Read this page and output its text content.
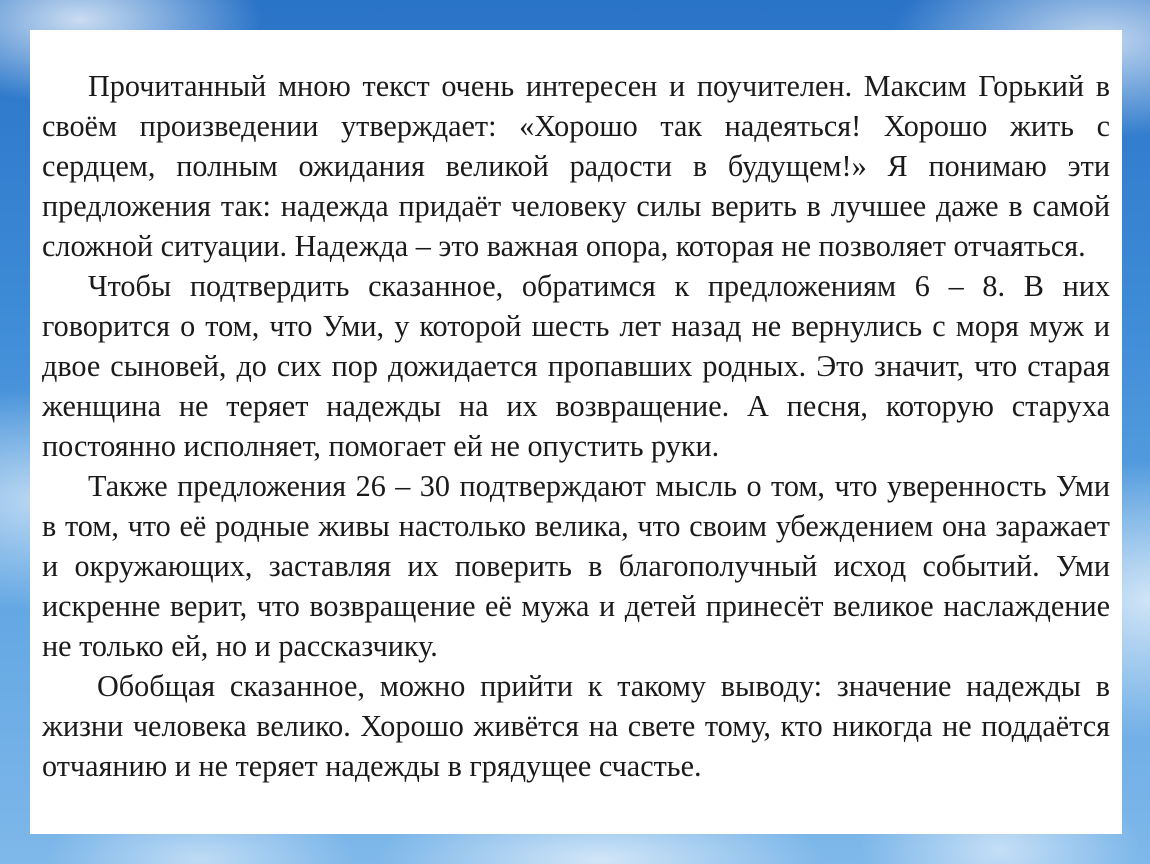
Прочитанный мною текст очень интересен и поучителен. Максим Горький в своём произведении утверждает: «Хорошо так надеяться! Хорошо жить с сердцем, полным ожидания великой радости в будущем!» Я понимаю эти предложения так: надежда придаёт человеку силы верить в лучшее даже в самой сложной ситуации. Надежда – это важная опора, которая не позволяет отчаяться.

Чтобы подтвердить сказанное, обратимся к предложениям 6 – 8. В них говорится о том, что Уми, у которой шесть лет назад не вернулись с моря муж и двое сыновей, до сих пор дожидается пропавших родных. Это значит, что старая женщина не теряет надежды на их возвращение. А песня, которую старуха постоянно исполняет, помогает ей не опустить руки.

Также предложения 26 – 30 подтверждают мысль о том, что уверенность Уми в том, что её родные живы настолько велика, что своим убеждением она заражает и окружающих, заставляя их поверить в благополучный исход событий. Уми искренне верит, что возвращение её мужа и детей принесёт великое наслаждение не только ей, но и рассказчику.

Обобщая сказанное, можно прийти к такому выводу: значение надежды в жизни человека велико. Хорошо живётся на свете тому, кто никогда не поддаётся отчаянию и не теряет надежды в грядущее счастье.
